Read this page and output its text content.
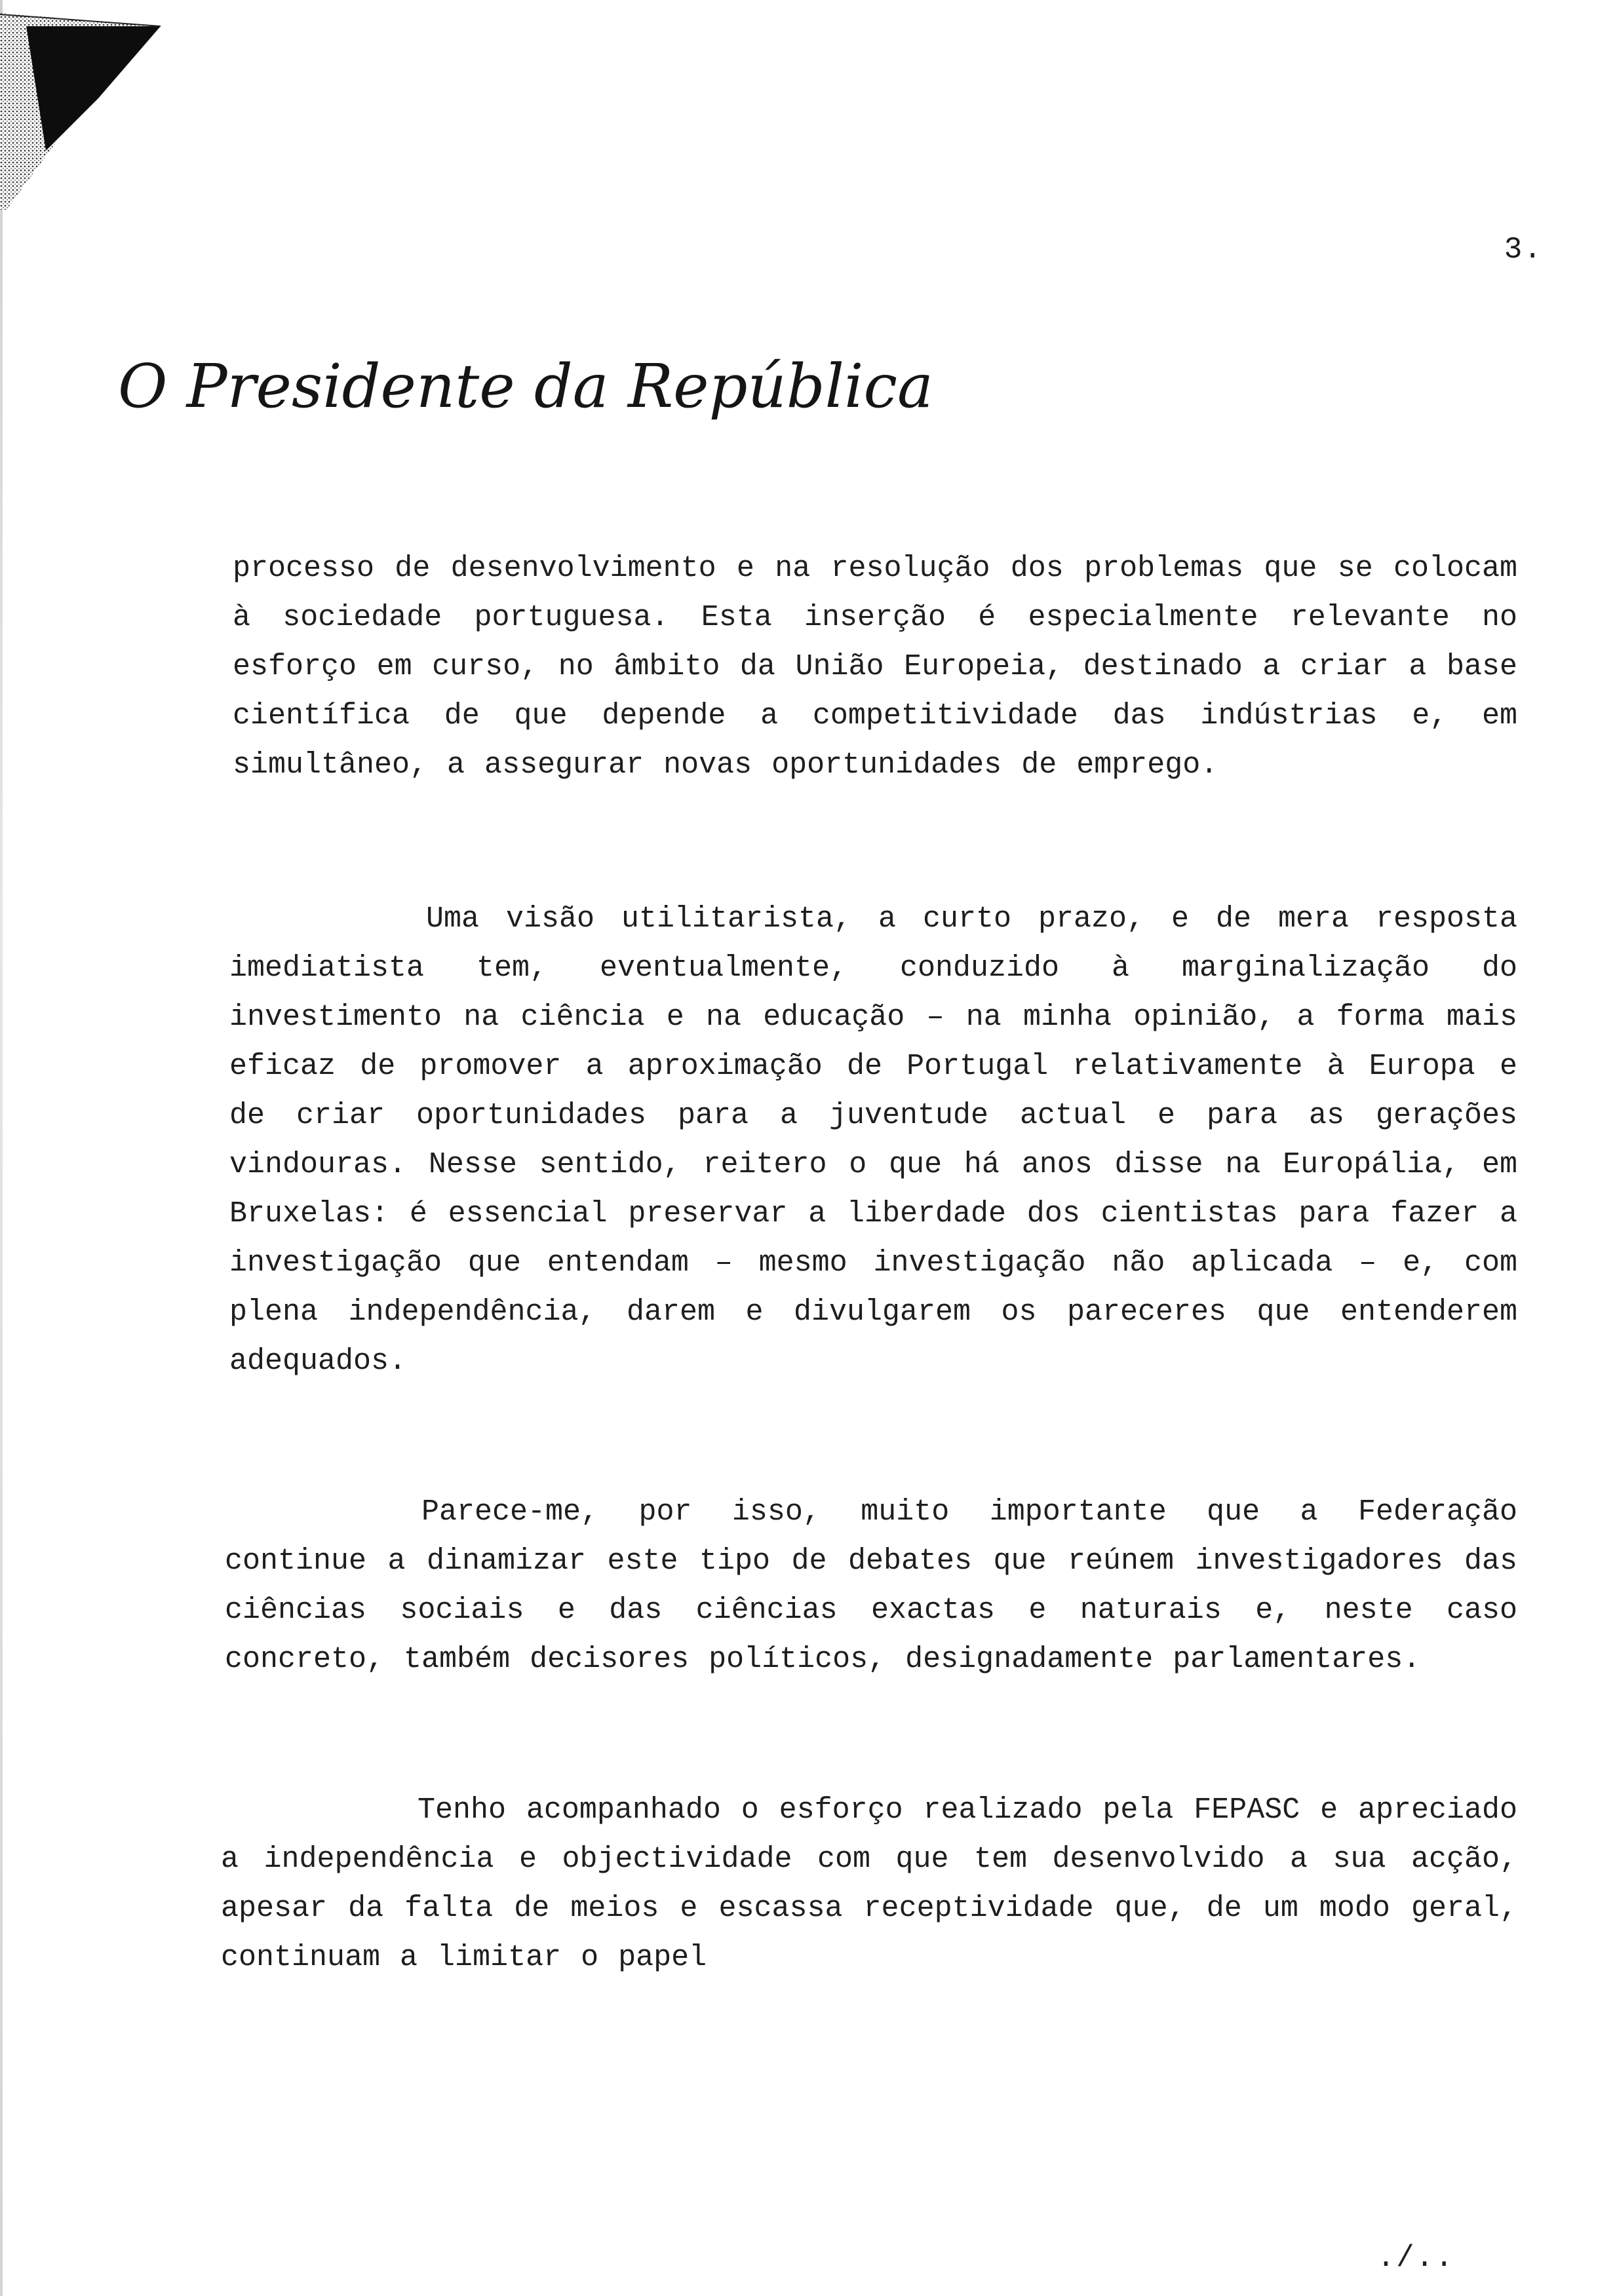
3.
O Presidente da República

processo de desenvolvimento e na resolução dos problemas que se colocam à sociedade portuguesa. Esta inserção é especialmente relevante no esforço em curso, no âmbito da União Europeia, destinado a criar a base científica de que depende a competitividade das indústrias e, em simultâneo, a assegurar novas oportunidades de emprego.

Uma visão utilitarista, a curto prazo, e de mera resposta imediatista tem, eventualmente, conduzido à marginalização do investimento na ciência e na educação – na minha opinião, a forma mais eficaz de promover a aproximação de Portugal relativamente à Europa e de criar oportunidades para a juventude actual e para as gerações vindouras. Nesse sentido, reitero o que há anos disse na Europália, em Bruxelas: é essencial preservar a liberdade dos cientistas para fazer a investigação que entendam – mesmo investigação não aplicada – e, com plena independência, darem e divulgarem os pareceres que entenderem adequados.

Parece-me, por isso, muito importante que a Federação continue a dinamizar este tipo de debates que reúnem investigadores das ciências sociais e das ciências exactas e naturais e, neste caso concreto, também decisores políticos, designadamente parlamentares.

Tenho acompanhado o esforço realizado pela FEPASC e apreciado a independência e objectividade com que tem desenvolvido a sua acção, apesar da falta de meios e escassa receptividade que, de um modo geral, continuam a limitar o papel

./..
